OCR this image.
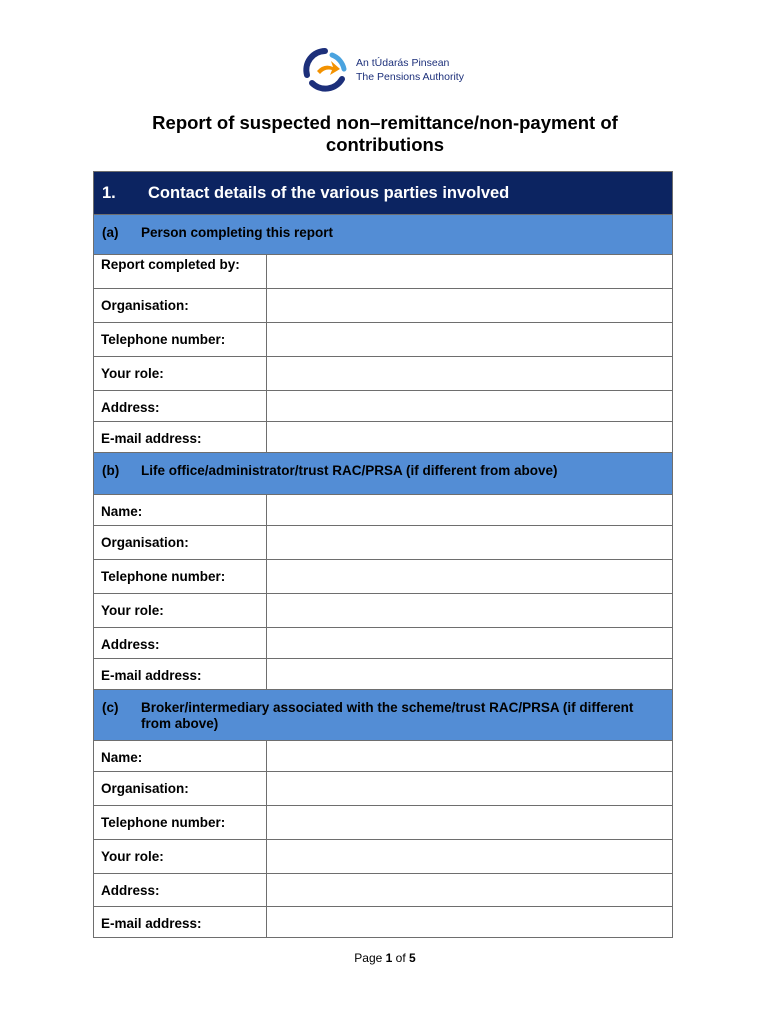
An tÚdarás Pinsean
The Pensions Authority
Report of suspected non–remittance/non-payment of contributions
1. Contact details of the various parties involved	

(a) Person completing this report	

Report completed by:	
Organisation:	
Telephone number:	
Your role:	
Address:	
E-mail address:	

(b) Life office/administrator/trust RAC/PRSA (if different from above)	

Name:	
Organisation:	
Telephone number:	
Your role:	
Address:	
E-mail address:	

(c) Broker/intermediary associated with the scheme/trust RAC/PRSA (if different from above)	

Name:	
Organisation:	
Telephone number:	
Your role:	
Address:	
E-mail address:	
Page 1 of 5
